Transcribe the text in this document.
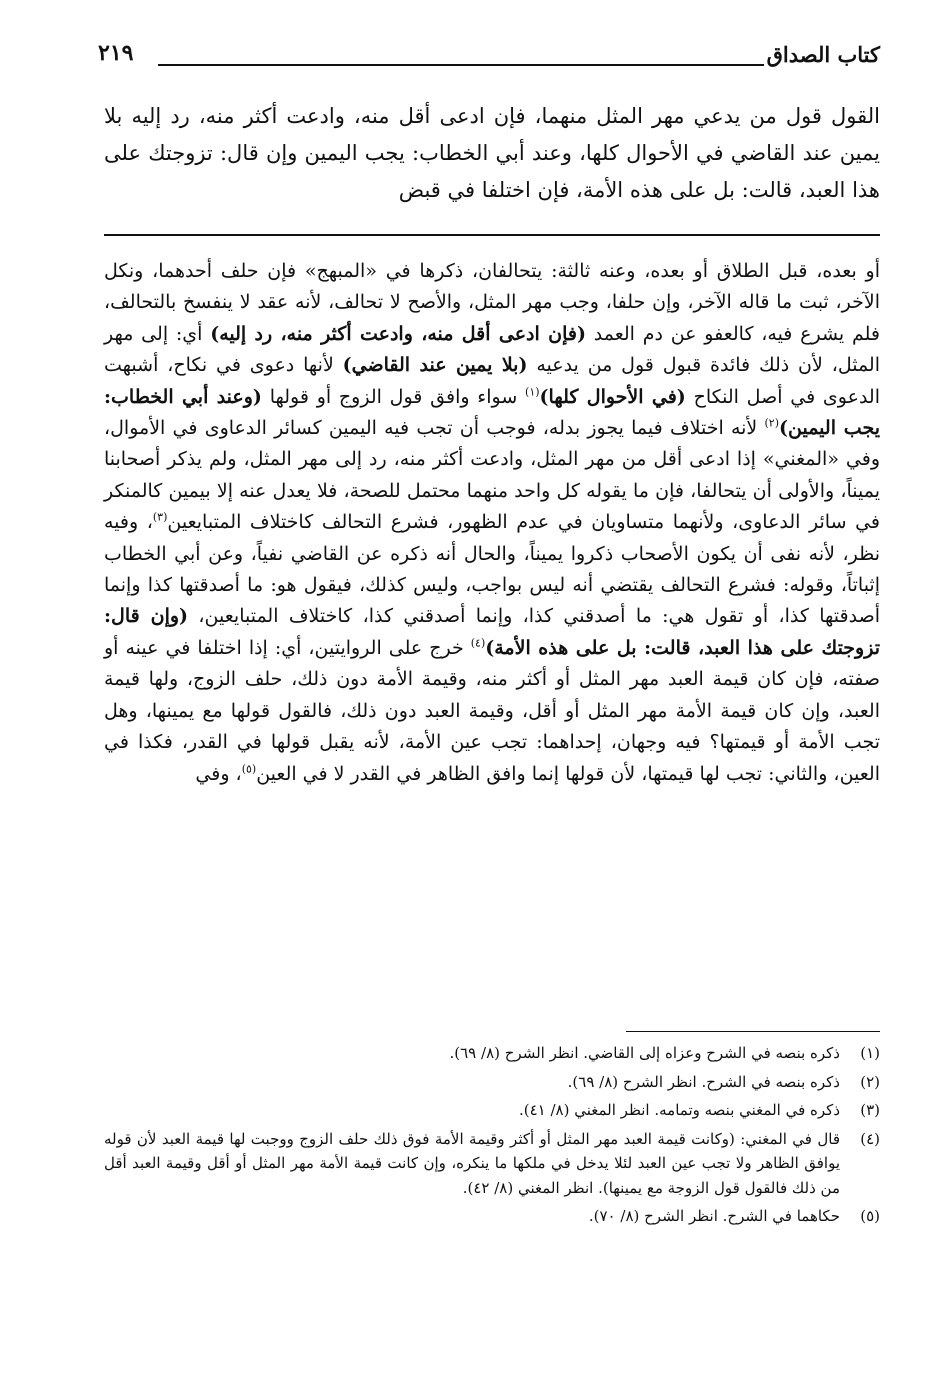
كتاب الصداق
٢١٩

القول قول من يدعي مهر المثل منهما، فإن ادعى أقل منه، وادعت أكثر منه، رد إليه بلا يمين عند القاضي في الأحوال كلها، وعند أبي الخطاب: يجب اليمين وإن قال: تزوجتك على هذا العبد، قالت: بل على هذه الأمة، فإن اختلفا في قبض

أو بعده، قبل الطلاق أو بعده، وعنه ثالثة: يتحالفان، ذكرها في «المبهج» فإن حلف أحدهما، ونكل الآخر، ثبت ما قاله الآخر، وإن حلفا، وجب مهر المثل، والأصح لا تحالف، لأنه عقد لا ينفسخ بالتحالف، فلم يشرع فيه، كالعفو عن دم العمد (فإن ادعى أقل منه، وادعت أكثر منه، رد إليه) أي: إلى مهر المثل، لأن ذلك فائدة قبول قول من يدعيه (بلا يمين عند القاضي) لأنها دعوى في نكاح، أشبهت الدعوى في أصل النكاح (في الأحوال كلها)$^{(١)}$ سواء وافق قول الزوج أو قولها (وعند أبي الخطاب: يجب اليمين)$^{(٢)}$ لأنه اختلاف فيما يجوز بدله، فوجب أن تجب فيه اليمين كسائر الدعاوى في الأموال، وفي «المغني» إذا ادعى أقل من مهر المثل، وادعت أكثر منه، رد إلى مهر المثل، ولم يذكر أصحابنا يميناً، والأولى أن يتحالفا، فإن ما يقوله كل واحد منهما محتمل للصحة، فلا يعدل عنه إلا بيمين كالمنكر في سائر الدعاوى، ولأنهما متساويان في عدم الظهور، فشرع التحالف كاختلاف المتبايعين$^{(٣)}$، وفيه نظر، لأنه نفى أن يكون الأصحاب ذكروا يميناً، والحال أنه ذكره عن القاضي نفياً، وعن أبي الخطاب إثباتاً، وقوله: فشرع التحالف يقتضي أنه ليس بواجب، وليس كذلك، فيقول هو: ما أصدقتها كذا وإنما أصدقتها كذا، أو تقول هي: ما أصدقني كذا، وإنما أصدقني كذا، كاختلاف المتبايعين، (وإن قال: تزوجتك على هذا العبد، قالت: بل على هذه الأمة)$^{(٤)}$ خرج على الروايتين، أي: إذا اختلفا في عينه أو صفته، فإن كان قيمة العبد مهر المثل أو أكثر منه، وقيمة الأمة دون ذلك، حلف الزوج، ولها قيمة العبد، وإن كان قيمة الأمة مهر المثل أو أقل، وقيمة العبد دون ذلك، فالقول قولها مع يمينها، وهل تجب الأمة أو قيمتها؟ فيه وجهان، إحداهما: تجب عين الأمة، لأنه يقبل قولها في القدر، فكذا في العين، والثاني: تجب لها قيمتها، لأن قولها إنما وافق الظاهر في القدر لا في العين$^{(٥)}$، وفي

(١)
ذكره بنصه في الشرح وعزاه إلى القاضي. انظر الشرح (٨/ ٦٩).
(٢)
ذكره بنصه في الشرح. انظر الشرح (٨/ ٦٩).
(٣)
ذكره في المغني بنصه وتمامه. انظر المغني (٨/ ٤١).
(٤)
قال في المغني: (وكانت قيمة العبد مهر المثل أو أكثر وقيمة الأمة فوق ذلك حلف الزوج ووجبت لها قيمة العبد لأن قوله يوافق الظاهر ولا تجب عين العبد لئلا يدخل في ملكها ما ينكره، وإن كانت قيمة الأمة مهر المثل أو أقل وقيمة العبد أقل من ذلك فالقول قول الزوجة مع يمينها). انظر المغني (٨/ ٤٢).
(٥)
حكاهما في الشرح. انظر الشرح (٨/ ٧٠).
